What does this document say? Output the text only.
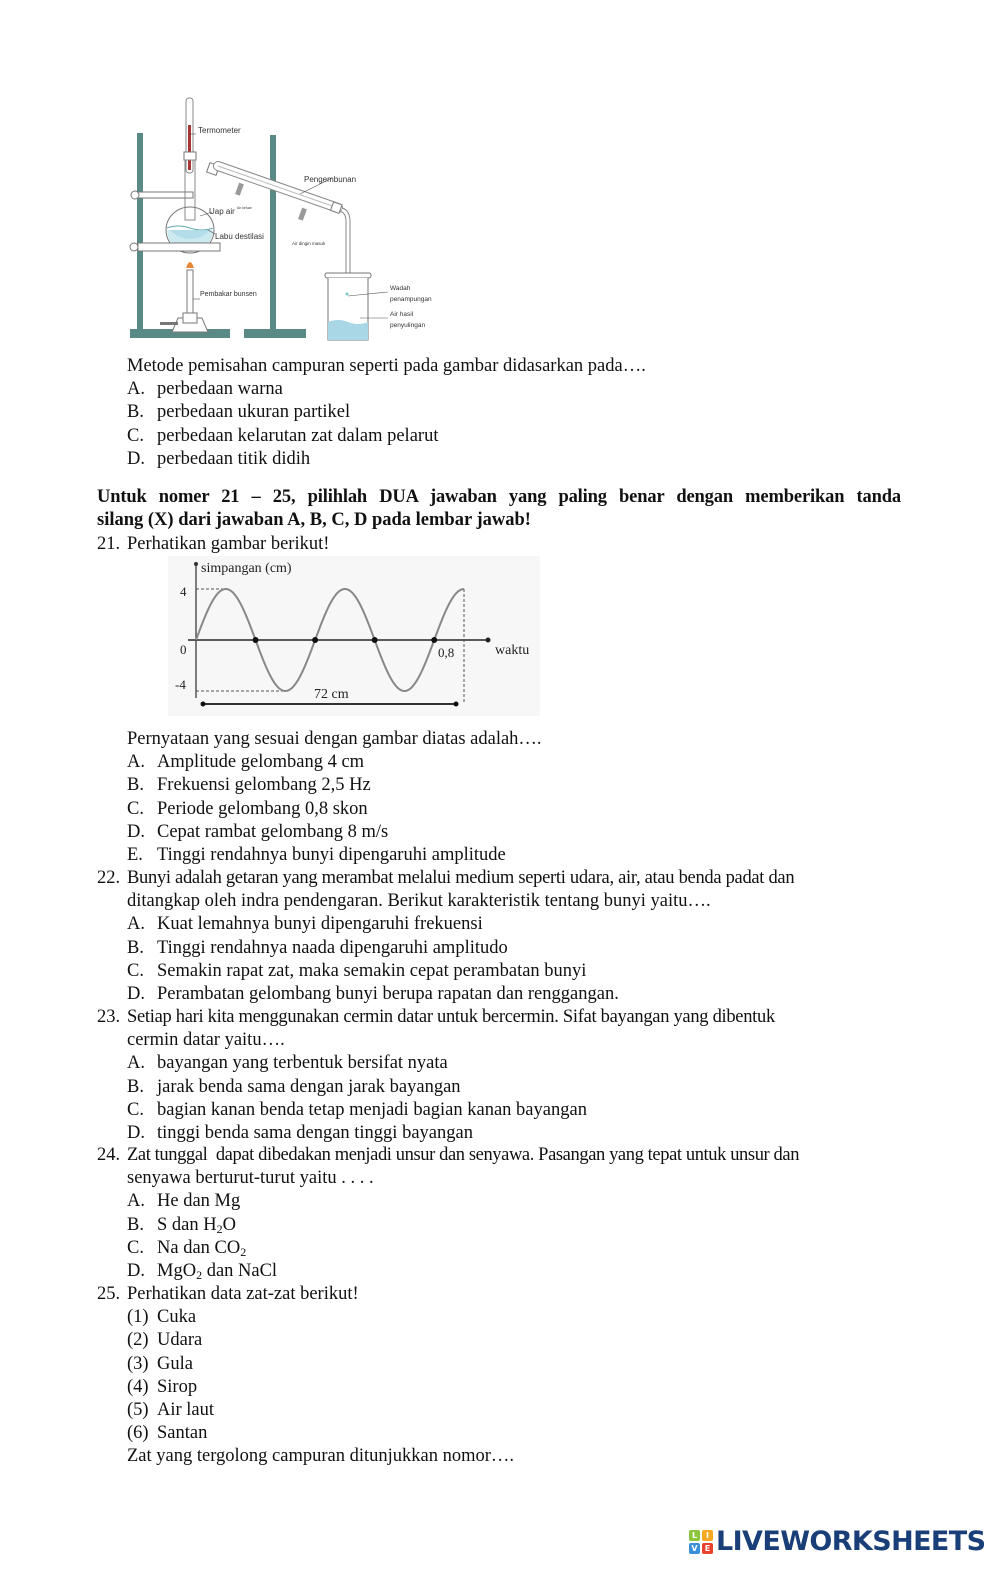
Termometer
Pengembunan
Air keluar
Uap air
Labu destilasi
Air dingin masuk
Pembakar bunsen
Wadah
penampungan
Air hasil
penyulingan
Metode pemisahan campuran seperti pada gambar didasarkan pada….
A. perbedaan warna
B. perbedaan ukuran partikel
C. perbedaan kelarutan zat dalam pelarut
D. perbedaan titik didih
Untuk nomer 21 – 25, pilihlah DUA jawaban yang paling benar dengan memberikan tanda
silang (X) dari jawaban A, B, C, D pada lembar jawab!
21. Perhatikan gambar berikut!
simpangan (cm)
4
0
-4
0,8	waktu
72 cm
Pernyataan yang sesuai dengan gambar diatas adalah….
A. Amplitude gelombang 4 cm
B. Frekuensi gelombang 2,5 Hz
C. Periode gelombang 0,8 skon
D. Cepat rambat gelombang 8 m/s
E. Tinggi rendahnya bunyi dipengaruhi amplitude
22. Bunyi adalah getaran yang merambat melalui medium seperti udara, air, atau benda padat dan
ditangkap oleh indra pendengaran. Berikut karakteristik tentang bunyi yaitu….
A. Kuat lemahnya bunyi dipengaruhi frekuensi
B. Tinggi rendahnya naada dipengaruhi amplitudo
C. Semakin rapat zat, maka semakin cepat perambatan bunyi
D. Perambatan gelombang bunyi berupa rapatan dan renggangan.
23. Setiap hari kita menggunakan cermin datar untuk bercermin. Sifat bayangan yang dibentuk
cermin datar yaitu….
A. bayangan yang terbentuk bersifat nyata
B. jarak benda sama dengan jarak bayangan
C. bagian kanan benda tetap menjadi bagian kanan bayangan
D. tinggi benda sama dengan tinggi bayangan
24. Zat tunggal  dapat dibedakan menjadi unsur dan senyawa. Pasangan yang tepat untuk unsur dan
senyawa berturut-turut yaitu . . . .
A. He dan Mg
B. S dan $H_2O$
C. Na dan $CO_2$
D. MgO$_2$ dan NaCl
25. Perhatikan data zat-zat berikut!
(1) Cuka
(2) Udara
(3) Gula
(4) Sirop
(5) Air laut
(6) Santan
Zat yang tergolong campuran ditunjukkan nomor….
L	I
V E LIVEWORKSHEETS
